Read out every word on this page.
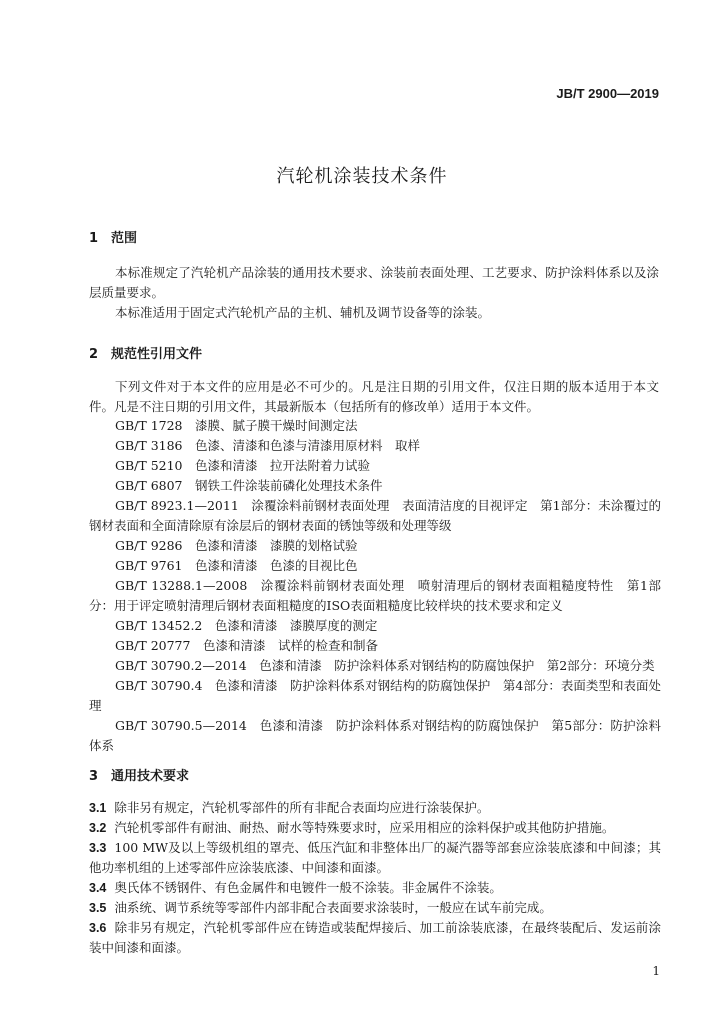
JB/T 2900—2019
汽轮机涂装技术条件
1 范围
本标准规定了汽轮机产品涂装的通用技术要求、涂装前表面处理、工艺要求、防护涂料体系以及涂层质量要求。
本标准适用于固定式汽轮机产品的主机、辅机及调节设备等的涂装。
2 规范性引用文件
下列文件对于本文件的应用是必不可少的。凡是注日期的引用文件，仅注日期的版本适用于本文件。凡是不注日期的引用文件，其最新版本（包括所有的修改单）适用于本文件。
GB/T 1728　漆膜、腻子膜干燥时间测定法
GB/T 3186　色漆、清漆和色漆与清漆用原材料　取样
GB/T 5210　色漆和清漆　拉开法附着力试验
GB/T 6807　钢铁工件涂装前磷化处理技术条件
GB/T 8923.1—2011　涂覆涂料前钢材表面处理　表面清洁度的目视评定　第1部分：未涂覆过的钢材表面和全面清除原有涂层后的钢材表面的锈蚀等级和处理等级
GB/T 9286　色漆和清漆　漆膜的划格试验
GB/T 9761　色漆和清漆　色漆的目视比色
GB/T 13288.1—2008　涂覆涂料前钢材表面处理　喷射清理后的钢材表面粗糙度特性　第1部分：用于评定喷射清理后钢材表面粗糙度的ISO表面粗糙度比较样块的技术要求和定义
GB/T 13452.2　色漆和清漆　漆膜厚度的测定
GB/T 20777　色漆和清漆　试样的检查和制备
GB/T 30790.2—2014　色漆和清漆　防护涂料体系对钢结构的防腐蚀保护　第2部分：环境分类
GB/T 30790.4　色漆和清漆　防护涂料体系对钢结构的防腐蚀保护　第4部分：表面类型和表面处理
GB/T 30790.5—2014　色漆和清漆　防护涂料体系对钢结构的防腐蚀保护　第5部分：防护涂料体系
3 通用技术要求
3.1 除非另有规定，汽轮机零部件的所有非配合表面均应进行涂装保护。
3.2 汽轮机零部件有耐油、耐热、耐水等特殊要求时，应采用相应的涂料保护或其他防护措施。
3.3 100 MW及以上等级机组的罩壳、低压汽缸和非整体出厂的凝汽器等部套应涂装底漆和中间漆；其他功率机组的上述零部件应涂装底漆、中间漆和面漆。
3.4 奥氏体不锈钢件、有色金属件和电镀件一般不涂装。非金属件不涂装。
3.5 油系统、调节系统等零部件内部非配合表面要求涂装时，一般应在试车前完成。
3.6 除非另有规定，汽轮机零部件应在铸造或装配焊接后、加工前涂装底漆，在最终装配后、发运前涂装中间漆和面漆。
1
